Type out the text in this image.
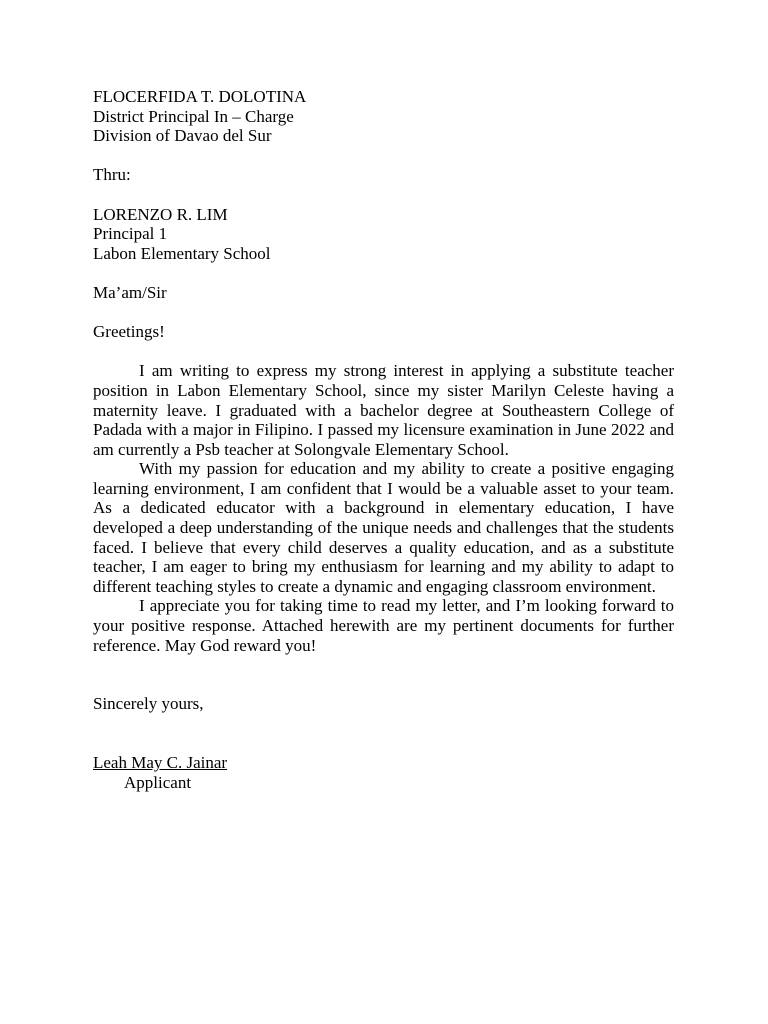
FLOCERFIDA T. DOLOTINA
District Principal In – Charge
Division of Davao del Sur
Thru:
LORENZO R. LIM
Principal 1
Labon Elementary School
Ma’am/Sir
Greetings!

I am writing to express my strong interest in applying a substitute teacher position in Labon Elementary School, since my sister Marilyn Celeste having a maternity leave. I graduated with a bachelor degree at Southeastern College of Padada with a major in Filipino. I passed my licensure examination in June 2022 and am currently a Psb teacher at Solongvale Elementary School.

With my passion for education and my ability to create a positive engaging learning environment, I am confident that I would be a valuable asset to your team. As a dedicated educator with a background in elementary education, I have developed a deep understanding of the unique needs and challenges that the students faced. I believe that every child deserves a quality education, and as a substitute teacher, I am eager to bring my enthusiasm for learning and my ability to adapt to different teaching styles to create a dynamic and engaging classroom environment.

I appreciate you for taking time to read my letter, and I’m looking forward to your positive response. Attached herewith are my pertinent documents for further reference. May God reward you!

Sincerely yours,
Leah May C. Jainar
Applicant
